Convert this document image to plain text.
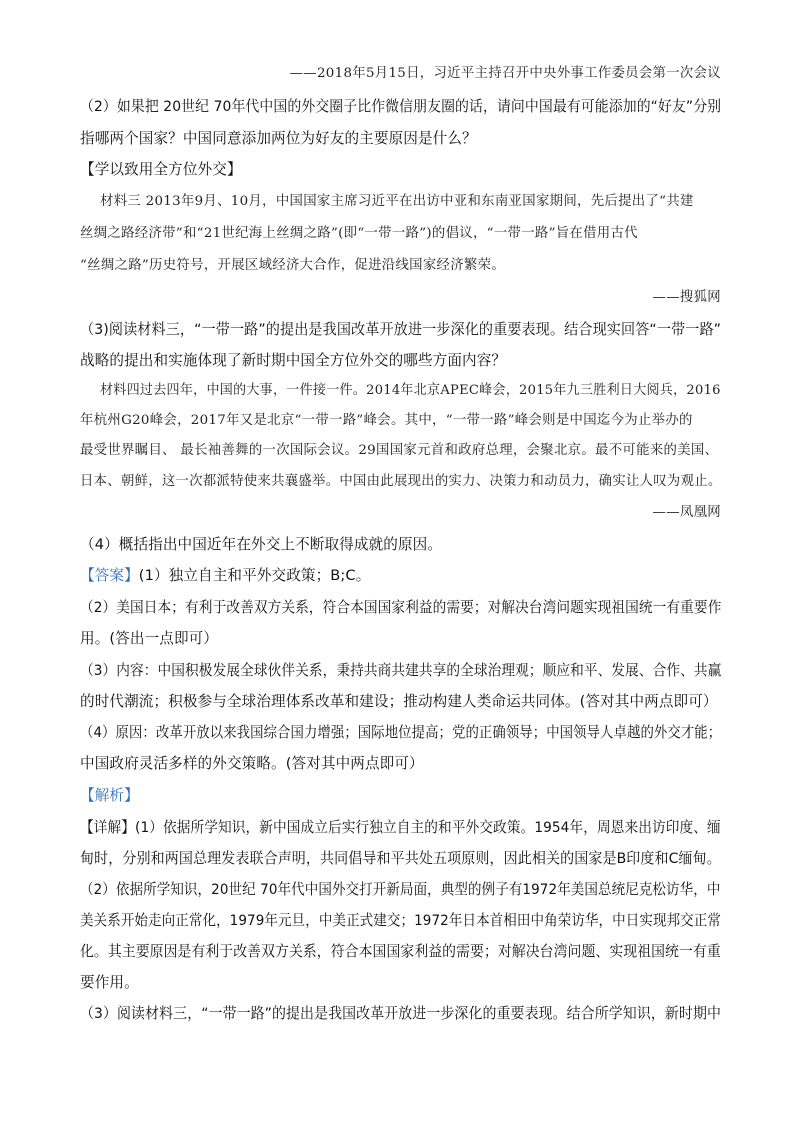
——2018年5月15日，习近平主持召开中央外事工作委员会第一次会议
（2）如果把 20世纪 70年代中国的外交圈子比作微信朋友圈的话，请问中国最有可能添加的“好友”分别
指哪两个国家？中国同意添加两位为好友的主要原因是什么？
【学以致用全方位外交】
材料三 2013年9月、10月，中国国家主席习近平在出访中亚和东南亚国家期间，先后提出了“共建
丝绸之路经济带”和“21世纪海上丝绸之路”(即“一带一路”)的倡议，“一带一路”旨在借用古代
“丝绸之路”历史符号，开展区域经济大合作，促进沿线国家经济繁荣。
——搜狐网
（3)阅读材料三，“一带一路”的提出是我国改革开放进一步深化的重要表现。结合现实回答“一带一路”
战略的提出和实施体现了新时期中国全方位外交的哪些方面内容？
材料四过去四年，中国的大事，一件接一件。2014年北京APEC峰会，2015年九三胜利日大阅兵，2016
年杭州G20峰会，2017年又是北京“一带一路”峰会。其中，“一带一路”峰会则是中国迄今为止举办的
最受世界瞩目、 最长袖善舞的一次国际会议。29国国家元首和政府总理，会聚北京。最不可能来的美国、
日本、朝鲜，这一次都派特使来共襄盛举。中国由此展现出的实力、决策力和动员力，确实让人叹为观止。
——凤凰网
（4）概括指出中国近年在外交上不断取得成就的原因。
【答案】(1）独立自主和平外交政策；B;C。
（2）美国日本；有利于改善双方关系，符合本国国家利益的需要；对解决台湾问题实现祖国统一有重要作
用。(答出一点即可）
（3）内容：中国积极发展全球伙伴关系，秉持共商共建共享的全球治理观；顺应和平、发展、合作、共赢
的时代潮流；积极参与全球治理体系改革和建设；推动构建人类命运共同体。(答对其中两点即可）
（4）原因：改革开放以来我国综合国力增强；国际地位提高；党的正确领导；中国领导人卓越的外交才能；
中国政府灵活多样的外交策略。(答对其中两点即可）
【解析】
【详解】(1）依据所学知识，新中国成立后实行独立自主的和平外交政策。1954年，周恩来出访印度、缅
甸时，分别和两国总理发表联合声明，共同倡导和平共处五项原则，因此相关的国家是B印度和C缅甸。
（2）依据所学知识，20世纪 70年代中国外交打开新局面，典型的例子有1972年美国总统尼克松访华，中
美关系开始走向正常化，1979年元旦，中美正式建交；1972年日本首相田中角荣访华，中日实现邦交正常
化。其主要原因是有利于改善双方关系，符合本国国家利益的需要；对解决台湾问题、实现祖国统一有重
要作用。
（3）阅读材料三，“一带一路”的提出是我国改革开放进一步深化的重要表现。结合所学知识，新时期中
